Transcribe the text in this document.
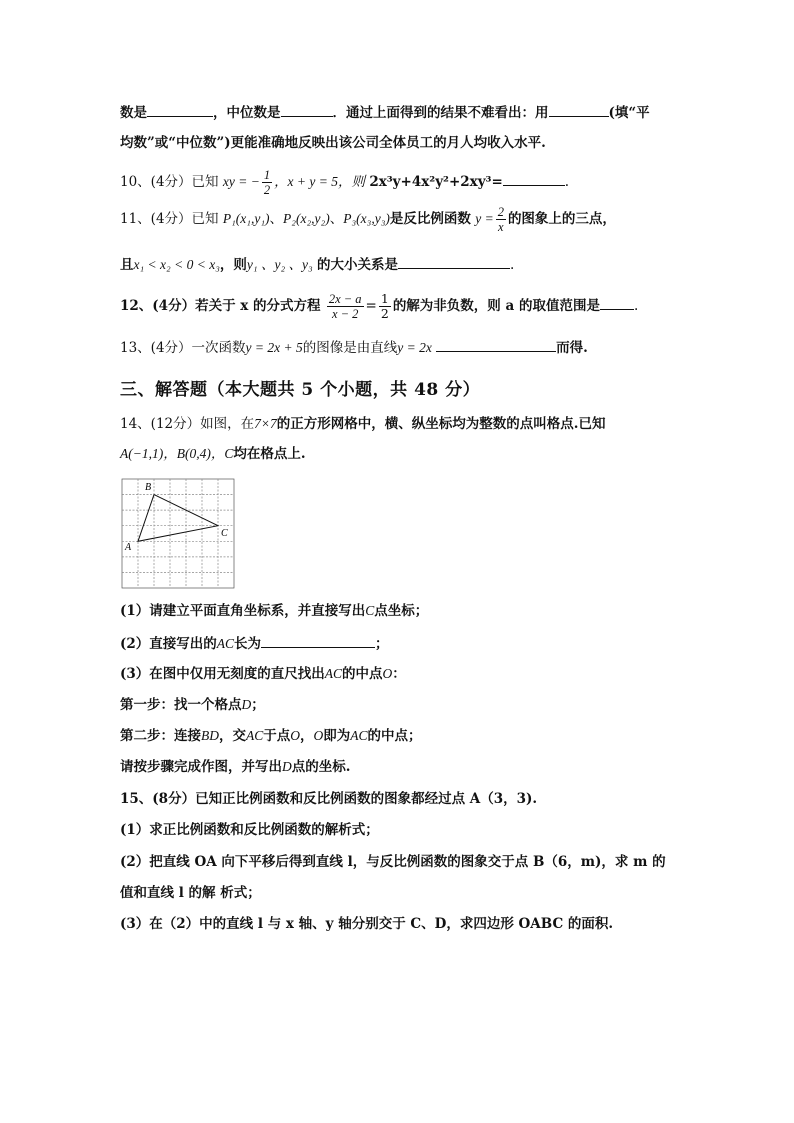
数是	，中位数是	．通过上面得到的结果不难看出：用	(填“平
均数”或“中位数”)更能准确地反映出该公司全体员工的月人均收入水平.
10、(4分）已知 xy = − $\frac{1}{2}$ ，x + y = 5，则 2x³y+4x²y²+2xy³=	.
11、(4分）已知 P₁(x₁,y₁)、P₂(x₂,y₂)、P₃(x₃,y₃)是反比例函数 $y = \frac{2}{x}$ 的图象上的三点，
且x₁ < x₂ < 0 < x₃，则y₁ 、y₂ 、y₃ 的大小关系是	.
12、(4分）若关于 x 的分式方程 $\frac{2x - a}{x - 2} = \frac{1}{2}$ 的解为非负数，则 a 的取值范围是	.
13、(4分）一次函数y = 2x + 5的图像是由直线y = 2x	而得.
三、解答题（本大题共 5 个小题，共 48 分）
14、(12分）如图，在7×7的正方形网格中，横、纵坐标均为整数的点叫格点.已知
A(−1,1)，B(0,4)，C均在格点上.
A
B
C
(1）请建立平面直角坐标系，并直接写出C点坐标；
(2）直接写出的AC长为	；
(3）在图中仅用无刻度的直尺找出AC的中点O：
第一步：找一个格点D；
第二步：连接BD，交AC于点O，O即为AC的中点；
请按步骤完成作图，并写出D点的坐标.
15、(8分）已知正比例函数和反比例函数的图象都经过点 A（3，3).
(1）求正比例函数和反比例函数的解析式；
(2）把直线 OA 向下平移后得到直线 l，与反比例函数的图象交于点 B（6，m)，求 m 的
值和直线 l 的解 析式；
(3）在（2）中的直线 l 与 x 轴、y 轴分别交于 C、D，求四边形 OABC 的面积.
